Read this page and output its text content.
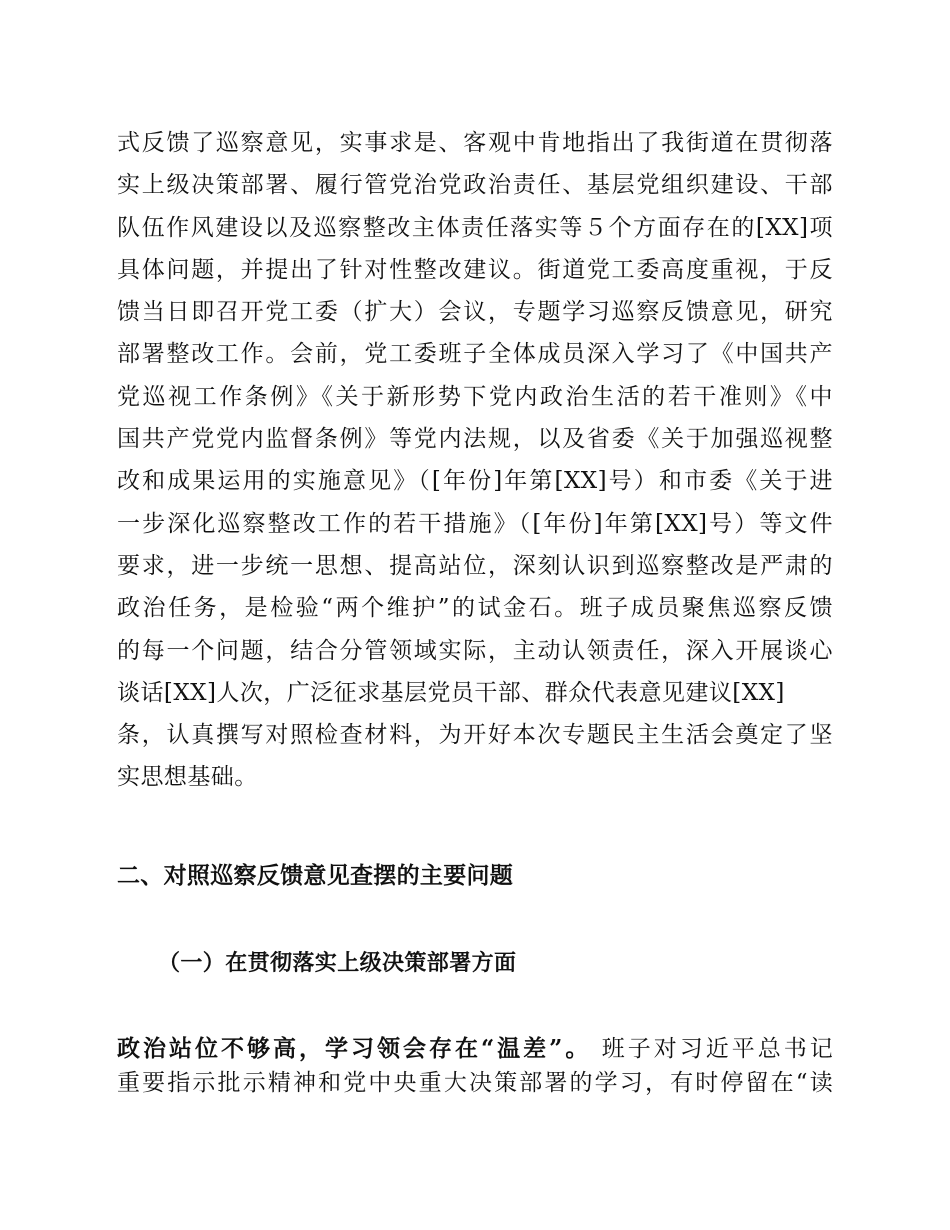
式反馈了巡察意见，实事求是、客观中肯地指出了我街道在贯彻落
实上级决策部署、履行管党治党政治责任、基层党组织建设、干部
队伍作风建设以及巡察整改主体责任落实等５个方面存在的[XX]项
具体问题，并提出了针对性整改建议。街道党工委高度重视，于反
馈当日即召开党工委（扩大）会议，专题学习巡察反馈意见，研究
部署整改工作。会前，党工委班子全体成员深入学习了《中国共产
党巡视工作条例》《关于新形势下党内政治生活的若干准则》《中
国共产党党内监督条例》等党内法规，以及省委《关于加强巡视整
改和成果运用的实施意见》（[年份]年第[XX]号）和市委《关于进
一步深化巡察整改工作的若干措施》（[年份]年第[XX]号）等文件
要求，进一步统一思想、提高站位，深刻认识到巡察整改是严肃的
政治任务，是检验“两个维护”的试金石。班子成员聚焦巡察反馈
的每一个问题，结合分管领域实际，主动认领责任，深入开展谈心
谈话[XX]人次，广泛征求基层党员干部、群众代表意见建议[XX]
条，认真撰写对照检查材料，为开好本次专题民主生活会奠定了坚
实思想基础。
二、对照巡察反馈意见查摆的主要问题
（一）在贯彻落实上级决策部署方面
政治站位不够高，学习领会存在“温差”。 班子对习近平总书记
重要指示批示精神和党中央重大决策部署的学习，有时停留在“读
